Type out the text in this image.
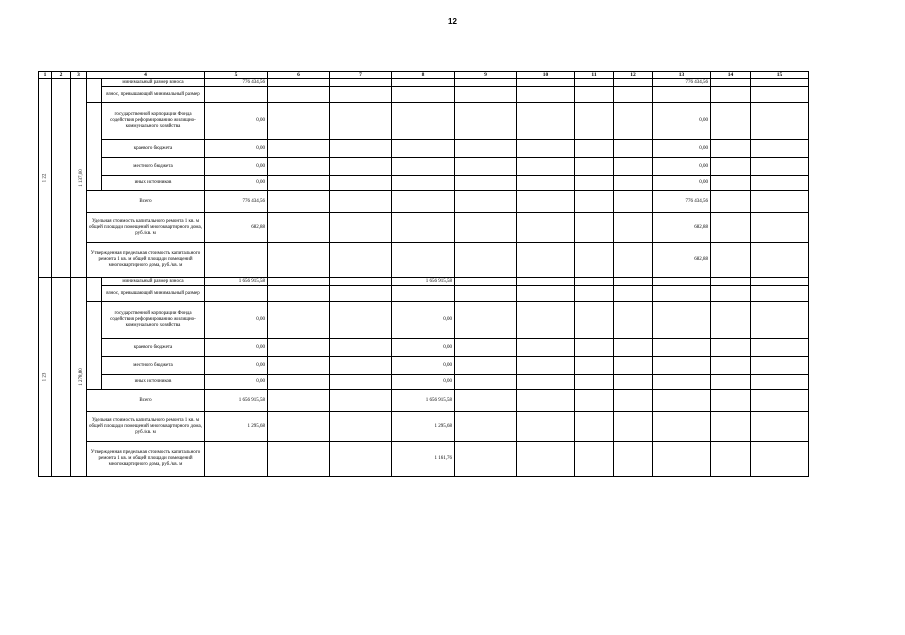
12
1	2	3	4		5	6	7	8	9	10	11	12	13	14	15
1 22		1 137,00		минимальный размер взноса	776 434,56								776 434,56		
				взнос, превышающий минимальный размер											
	государственной корпорации Фонда содействия реформированию жилищно-коммунального хозяйства	0,00								0,00		
				краевого бюджета	0,00								0,00		
				местного бюджета	0,00								0,00		
				иных источников	0,00								0,00		
			Всего		776 434,56								776 434,56		
			Удельная стоимость капитального ремонта 1 кв. м общей площади помещений многоквартирного дома, руб./кв. м		682,88								682,88		
			Утвержденная предельная стоимость капитального ремонта 1 кв. м общей площади помещений многоквартирного дома, руб./кв. м										682,88		
1 23		1 278,80		минимальный размер взноса	1 656 915,58			1 656 915,58							
				взнос, превышающий минимальный размер											
	государственной корпорации Фонда содействия реформированию жилищно-коммунального хозяйства	0,00			0,00							
				краевого бюджета	0,00			0,00							
				местного бюджета	0,00			0,00							
				иных источников	0,00			0,00							
			Всего		1 656 915,58			1 656 915,58							
			Удельная стоимость капитального ремонта 1 кв. м общей площади помещений многоквартирного дома, руб./кв. м		1 295,68			1 295,68							
			Утвержденная предельная стоимость капитального ремонта 1 кв. м общей площади помещений многоквартирного дома, руб./кв. м					1 161,76							
